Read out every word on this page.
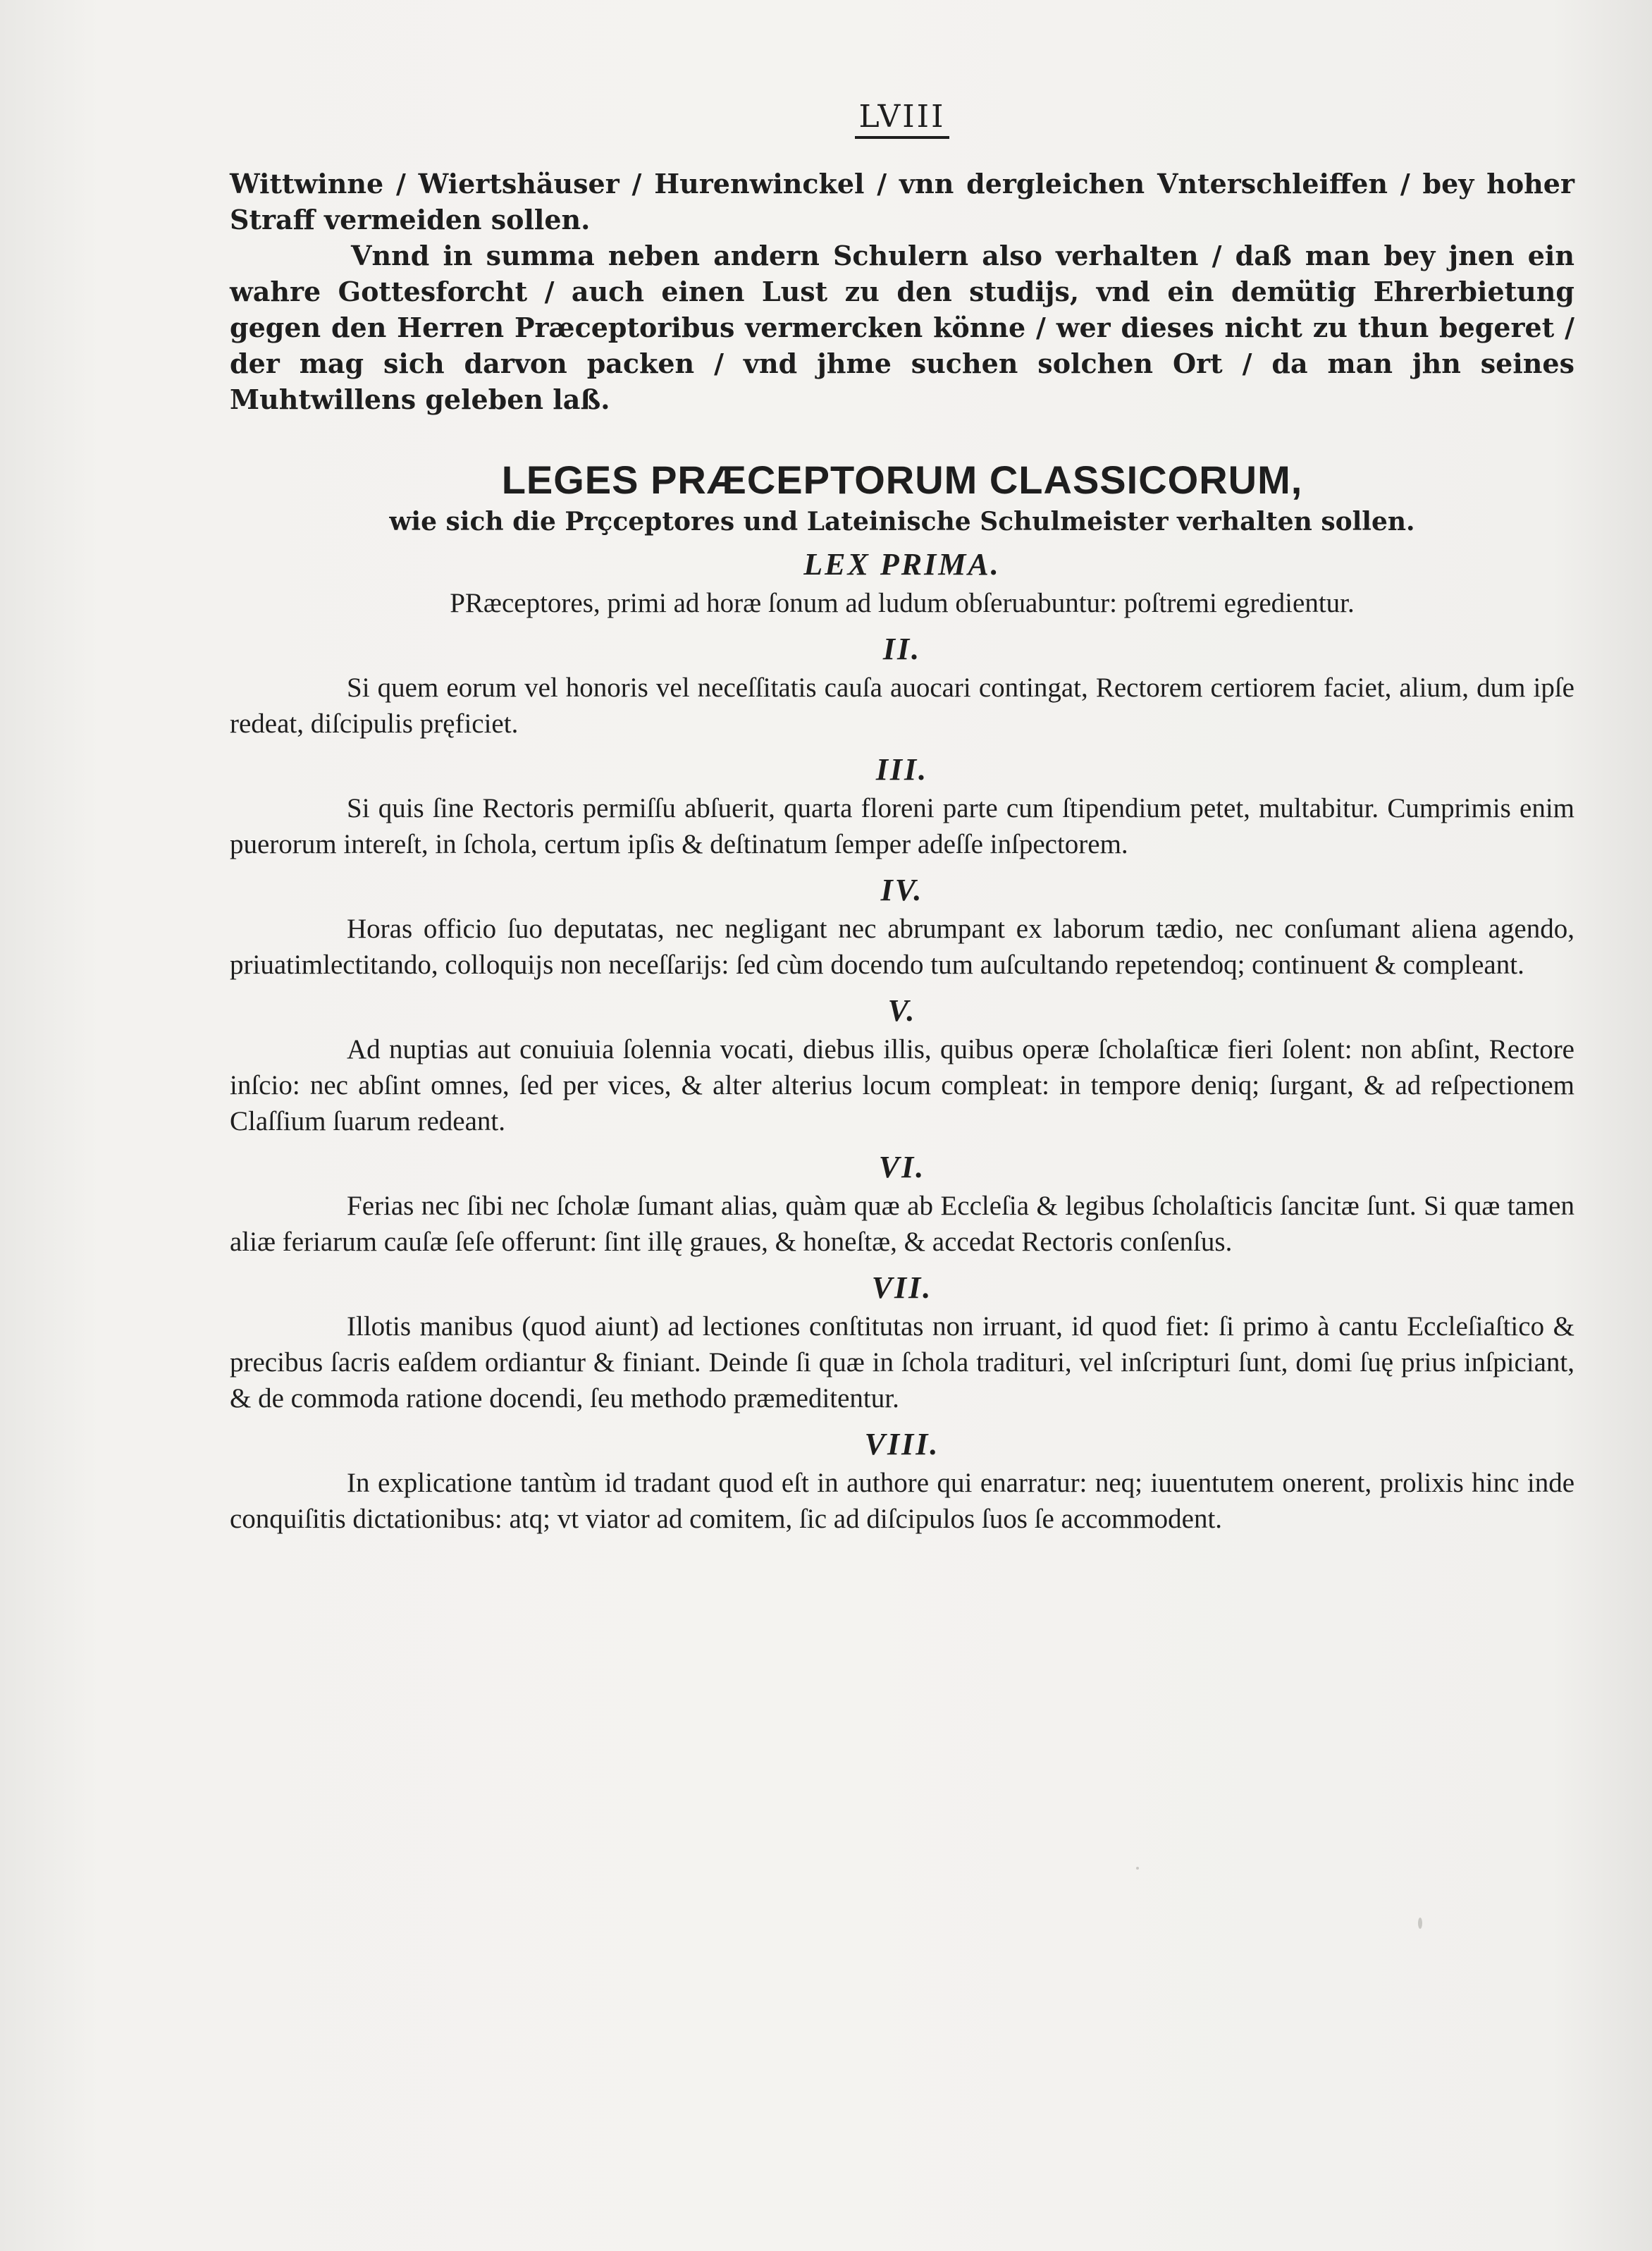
LVIII

Wittwinne / Wiertshäuser / Hurenwinckel / vnn dergleichen Vnterschleiffen / bey hoher Straff vermeiden sollen.

Vnnd in summa neben andern Schulern also verhalten / daß man bey jnen ein wahre Gottesforcht / auch einen Lust zu den studijs, vnd ein demütig Ehrerbietung gegen den Herren Præceptoribus vermercken könne / wer dieses nicht zu thun begeret / der mag sich darvon packen / vnd jhme suchen solchen Ort / da man jhn seines Muhtwillens geleben laß.

LEGES PRÆCEPTORUM CLASSICORUM,

wie sich die Prçceptores und Lateinische Schulmeister verhalten sollen.

LEX PRIMA.

PRæceptores, primi ad horæ ſonum ad ludum obſeruabuntur: poſtremi egredientur.

II.

Si quem eorum vel honoris vel neceſſitatis cauſa auocari contingat, Rectorem certiorem faciet, alium, dum ipſe redeat, diſcipulis pręficiet.

III.

Si quis ſine Rectoris permiſſu abſuerit, quarta floreni parte cum ſtipendium petet, multabitur. Cumprimis enim puerorum intereſt, in ſchola, certum ipſis & deſtinatum ſemper adeſſe inſpectorem.

IV.

Horas officio ſuo deputatas, nec negligant nec abrumpant ex laborum tædio, nec conſumant aliena agendo, priuatimlectitando, colloquijs non neceſſarijs: ſed cùm docendo tum auſcultando repetendoq; continuent & compleant.

V.

Ad nuptias aut conuiuia ſolennia vocati, diebus illis, quibus operæ ſcholaſticæ fieri ſolent: non abſint, Rectore inſcio: nec abſint omnes, ſed per vices, & alter alterius locum compleat: in tempore deniq; ſurgant, & ad reſpectionem Claſſium ſuarum redeant.

VI.

Ferias nec ſibi nec ſcholæ ſumant alias, quàm quæ ab Eccleſia & legibus ſcholaſticis ſancitæ ſunt. Si quæ tamen aliæ feriarum cauſæ ſeſe offerunt: ſint illę graues, & honeſtæ, & accedat Rectoris conſenſus.

VII.

Illotis manibus (quod aiunt) ad lectiones conſtitutas non irruant, id quod fiet: ſi primo à cantu Eccleſiaſtico & precibus ſacris eaſdem ordiantur & finiant. Deinde ſi quæ in ſchola tradituri, vel inſcripturi ſunt, domi ſuę prius inſpiciant, & de commoda ratione docendi, ſeu methodo præmeditentur.

VIII.

In explicatione tantùm id tradant quod eſt in authore qui enarratur: neq; iuuentutem onerent, prolixis hinc inde conquiſitis dictationibus: atq; vt viator ad comitem, ſic ad diſcipulos ſuos ſe accommodent.
